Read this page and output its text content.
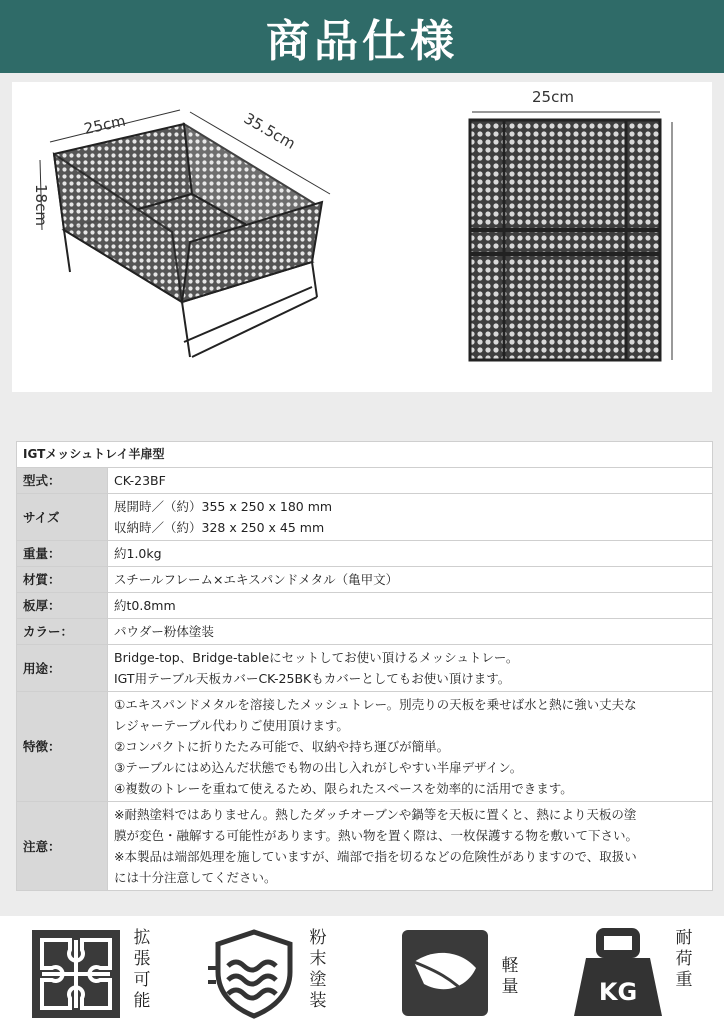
商品仕様
25cm	35.5cm
18cm
25cm
IGTメッシュトレイ半扉型	
型式：	CK-23BF

サイズ	展開時／（約）355 x 250 x 180 mm
収納時／（約）328 x 250 x 45 mm

重量：	約1.0kg

材質：	スチールフレーム×エキスパンドメタル（亀甲文）

板厚：	約t0.8mm

カラー：	パウダー粉体塗装

用途：	Bridge-top、Bridge-tableにセットしてお使い頂けるメッシュトレー。
IGT用テーブル天板カバーCK-25BKもカバーとしてもお使い頂けます。

特徴：	①エキスパンドメタルを溶接したメッシュトレー。別売りの天板を乗せば水と熱に強い丈夫な
レジャーテーブル代わりご使用頂けます。
②コンパクトに折りたたみ可能で、収納や持ち運びが簡単。
③テーブルにはめ込んだ状態でも物の出し入れがしやすい半扉デザイン。
④複数のトレーを重ねて使えるため、限られたスペースを効率的に活用できます。

注意：	※耐熱塗料ではありません。熱したダッチオーブンや鍋等を天板に置くと、熱により天板の塗
膜が変色・融解する可能性があります。熱い物を置く際は、一枚保護する物を敷いて下さい。
※本製品は端部処理を施していますが、端部で指を切るなどの危険性がありますので、取扱い
には十分注意してください。
拡
張
可
能
粉
末
塗
装
軽
量	KG
耐
荷
重
